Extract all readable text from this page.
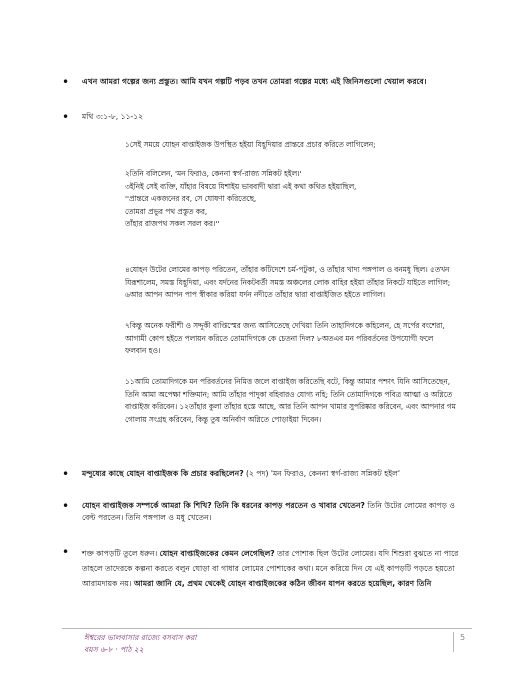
•	এখন আমরা গল্পের জন্য প্রস্তুত। আমি যখন গল্পটি পড়ব তখন তোমরা গল্পের মধ্যে এই জিনিসগুলো খেয়াল করবে।
•	মথি ৩:১-৮, ১১-১২

১সেই সময়ে যোহন বাপ্তাইজক উপস্থিত হইয়া যিহূদিয়ার প্রান্তরে প্রচার করিতে লাগিলেন;

২তিনি বলিলেন, 'মন ফিরাও, কেননা স্বর্গ-রাজ্য সন্নিকট হইল।'

৩ইনিই সেই ব্যক্তি, যাঁহার বিষয়ে যিশাইয় ভাববাদী দ্বারা এই কথা কথিত হইয়াছিল,

''প্রান্তরে একজনের রব, সে ঘোষণা করিতেছে,

তোমরা প্রভুর পথ প্রস্তুত কর,

তাঁহার রাজপথ সকল সরল কর।''

৪যোহন উটের লোমের কাপড় পরিতেন, তাঁহার কটিদেশে চর্ম-পটুকা, ও তাঁহার খাদ্য পঙ্গপাল ও বনমধু ছিল। ৫তখন

যিরূশালেম, সমস্ত যিহূদিয়া, এবং যর্দনের নিকটবর্তী সমস্ত অঞ্চলের লোক বাহির হইয়া তাঁহার নিকটে যাইতে লাগিল;

৬আর আপন আপন পাপ স্বীকার করিয়া যর্দন নদীতে তাঁহার দ্বারা বাপ্তাইজিত হইতে লাগিল।

৭কিন্তু অনেক ফরীশী ও সদ্দূকী বাপ্তিস্মের জন্য আসিতেছে দেখিয়া তিনি তাহাদিগকে কহিলেন, হে সর্পের বংশেরা,

আগামী কোপ হইতে পলায়ন করিতে তোমাদিগকে কে চেতনা দিল? ৮অতএব মন পরিবর্তনের উপযোগী ফলে

ফলবান হও।

১১আমি তোমাদিগকে মন পরিবর্তনের নিমিত্ত জলে বাপ্তাইজ করিতেছি বটে, কিন্তু আমার পশ্চাৎ যিনি আসিতেছেন,

তিনি আমা অপেক্ষা শক্তিমান; আমি তাঁহার পাদুকা বহিবারও যোগ্য নহি; তিনি তোমাদিগকে পবিত্র আত্মা ও অগ্নিতে

বাপ্তাইজ করিবেন। ১২তাঁহার কুলা তাঁহার হস্তে আছে, আর তিনি আপন খামার সুপরিষ্কার করিবেন, এবং আপনার গম

গোলায় সংগ্রহ করিবেন, কিন্তু তুষ অনির্বাণ অগ্নিতে পোড়াইয়া দিবেন।

•	মন্দুষ্যের কাছে যোহন বাপ্তাইজক কি প্রচার করছিলেন? (২ পদ) 'মন ফিরাও, কেননা স্বর্গ-রাজ্য সন্নিকট হইল'
•	যোহন বাপ্তাইজক সম্পর্কে আমরা কি শিখি? তিনি কি ধরনের কাপড় পরতেন ও খাবার খেতেন? তিনি উটের লোমের কাপড় ও
বেল্ট পরতেন। তিনি পঙ্গপাল ও মধু খেতেন।
•	শক্ত কাপড়টি তুলে ধরুন। যোহন বাপ্তাইজকের কেমন লেগেছিল? তার পোশাক ছিল উটের লোমের। যদি শিশুরা বুঝতে না পারে
তাহলে তাদেরকে কল্পনা করতে বলুন ঘোড়া বা গাধার লোমের পোশাকের কথা। মনে করিয়ে দিন যে এই কাপড়টি পড়তে হয়তো
আরামদায়ক নয়। আমরা জানি যে, প্রথম থেকেই যোহন বাপ্তাইজকের কঠিন জীবন যাপন করতে হয়েছিল, কারণ তিনি
ঈশ্বরের ভালবাসার রাজ্যে বসবাস করা
বয়স ৬-৮ · পাঠ ২২
5
